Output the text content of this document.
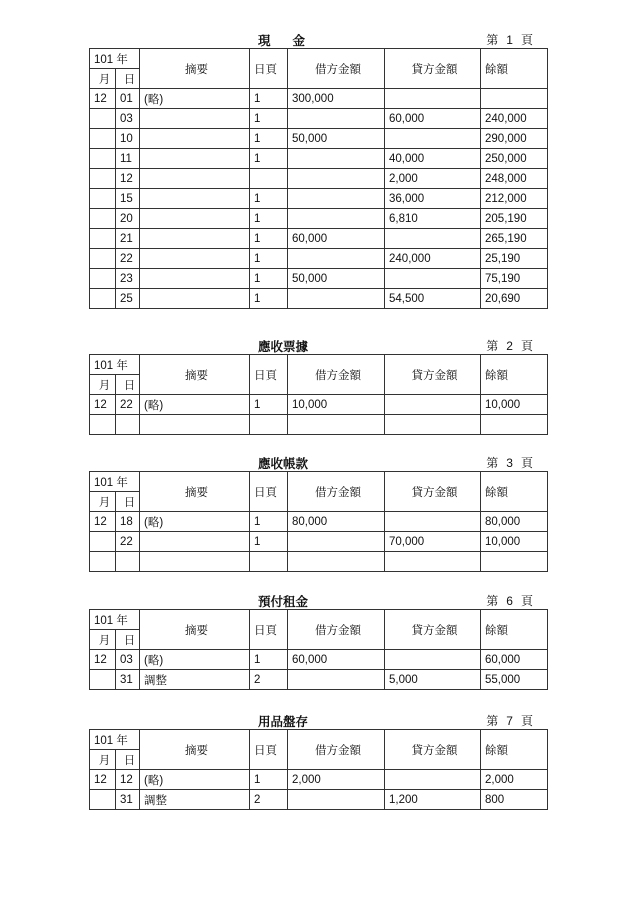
現金	第 1 頁
101 年		摘要	日頁	借方金額	貸方金額	餘額
月	日					
12	01	(略)	1	300,000		
	03		1		60,000	240,000
	10		1	50,000		290,000
	11		1		40,000	250,000
	12				2,000	248,000
	15		1		36,000	212,000
	20		1		6,810	205,190
	21		1	60,000		265,190
	22		1		240,000	25,190
	23		1	50,000		75,190
	25		1		54,500	20,690
應收票據	第 2 頁
101 年		摘要	日頁	借方金額	貸方金額	餘額
月	日					
12	22	(略)	1	10,000		10,000

應收帳款	第 3 頁
101 年		摘要	日頁	借方金額	貸方金額	餘額
月	日					
12	18	(略)	1	80,000		80,000
	22		1		70,000	10,000

預付租金	第 6 頁
101 年		摘要	日頁	借方金額	貸方金額	餘額
月	日					
12	03	(略)	1	60,000		60,000
	31	調整	2		5,000	55,000
用品盤存	第 7 頁
101 年		摘要	日頁	借方金額	貸方金額	餘額
月	日					
12	12	(略)	1	2,000		2,000
	31	調整	2		1,200	800
